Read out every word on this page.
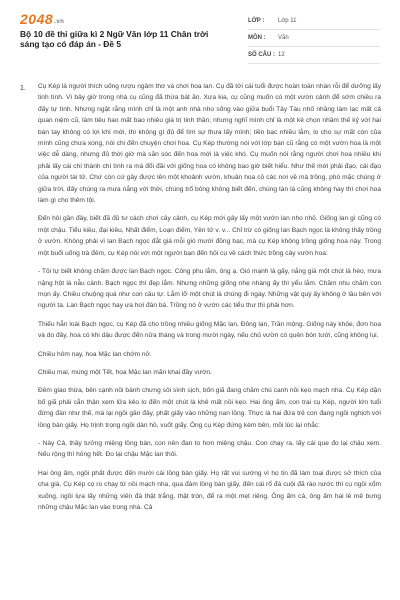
2048.vn
Bộ 10 đề thi giữa kì 2 Ngữ Văn lớp 11 Chân trời sáng tạo có đáp án - Đề 5
LỚP :	Lớp 11
MÔN :	Văn
SỐ CÂU : 12
1. Cụ Kép là người thích uống rượu ngâm thơ và chơi hoa lan. Cụ đã tới cái tuổi được hoàn toàn nhàn rỗi để dưỡng lấy tinh tính. Vì bây giờ trong nhà cụ cũng đã thừa bát ăn. Xưa kia, cụ cũng muốn có một vườn cảnh để sớm chiều ra đấy tự tình. Nhưng ngặt rằng mình chỉ là một anh nhà nho sống vào giữa buổi Tây Tàu nhố nhăng làm lạc mất cả quan niệm cũ, làm tiêu hao mất bao nhiêu giá trị tinh thần; nhưng nghĩ mình chỉ là một kẻ chọn nhầm thế kỷ với hai bàn tay không có lợi khí mới, thì không gì đủ để tìm sự thưa lấy mình; tiền bạc nhiều lắm, lo cho sự mất còn của mình cũng chưa xong, nói chi đến chuyện chơi hoa. Cụ Kép thường nói với lớp bạn cũ rằng có một vườn hoa là một việc dễ dàng, nhưng đủ thời giờ mà săn sóc đến hoa mới là việc khó. Cụ muốn nói rằng người chơi hoa nhiều khi phải lấy cái chí thành chí tình ra mà đối đãi với giống hoa có không bao giờ biết hiểu. Như thế mới phải đạo, cái đạo của người tài tử. Chứ còn cứ gây được lên một khoảnh vườn, khuân hoa cỏ các nơi về mà trồng, phó mặc chúng ở giữa trời, đấy chúng ra mưa nắng với thời, chúng trổ bông không biết đến, chúng tàn lá cũng không hay thì chơi hoa làm gì cho thêm tội.

Đến hôi gần đây, biết đã đủ tư cách chơi cây cảnh, cụ Kép mới gây lấy một vườn lan nho nhỏ. Giống lan gì cũng có một chậu. Tiểu kiều, đại kiều, Nhất điểm, Loạn điểm, Yên tử v. v... Chỉ trừ có giống lan Bạch ngọc là không thấy trồng ở vườn. Không phải vì lan Bạch ngọc đắt giá mỗi giò mười đồng bạc, mà cụ Kép không trồng giống hoa này. Trong một buổi uống trà đêm, cụ Kép nói với một người bạn đến hỏi cụ về cách thức trồng cây vườn hoa:

- Tôi tự biết không chăm được lan Bạch ngọc. Công phu lắm, ông ạ. Gió mạnh là gãy, nắng già một chút là héo, mưa nặng hột là nẫu cánh. Bạch ngọc thì đẹp lắm. Nhưng những giống nhẹ nhàng ấy thì yểu lắm. Chăm nhu chăm con mọn ấy. Chiều chuộng quá như con cầu tự. Lắm lỡ một chút là chúng đi ngay. Những vật quý ấy không ở lâu bên với người ta. Lan Bạch ngọc hay ưa hơi đàn bà. Trồng nó ở vườn các tiểu thư thì phải hơn.

Thiếu hẳn loài Bạch ngọc, cụ Kép đã cho trồng nhiều giống Mặc lan, Đông lan, Trần mộng. Giống này khỏe, đơn hoa và do đây, hoa có khi dậu được đến nửa tháng và trong mười ngày, nếu chủ vườn có quên bón tưới, cũng không lụi.

Chiều hôm nay, hoa Mặc lan chớm nở.

Chiều mai, mùng một Tết, hoa Mặc lan mãn khai đầy vườn.

Đêm giao thừa, bên cạnh nồi bánh chưng sôi sình sịch, bốn giã đang chăm chú canh nồi kẹo mạch nha. Cụ Kép dặn bố giã phải cắn thận xem lửa kẻo lo đến một chút là khê mất nồi kẹo. Hai ông ấm, con trai cụ Kép, người lớn tuổi đứng đàn như thế, mà lại ngồi gần đây, phất giấy vào những nan lồng. Thực là hai đứa trẻ con đang ngồi nghịch với lồng bàn giấy. Họ trịnh trọng ngồi dán hồ, vuốt giấy. Ông cụ Kép đứng kèm bên, mồi lúc lại nhắc:

- Này Cả, thầy tưởng miệng lồng bàn, con nên đan to hơn miệng chậu. Con chạy ra, lấy cái que đo lại chậu xem. Nếu rộng thì hỏng hết. Đo lại chậu Mặc lan thôi.

Hai ông ấm, ngồi phất được đến mười cái lồng bàn giấy. Họ rất vui sướng vì họ tin đã làm toại được sở thích của cha già. Cụ Kép cọ ro chạy từ nồi mạch nha, qua đám lồng bàn giấy, đến cái rổ đá cuội đã rào nước thì cụ ngồi xổm xuống, ngồi lựa lấy những viên đá thật trắng, thật tròn, để ra một mẹt riêng. Ông ấm cả, ông ấm hai lê mê bưng những chậu Mặc lan vào trong nhà. Cả
